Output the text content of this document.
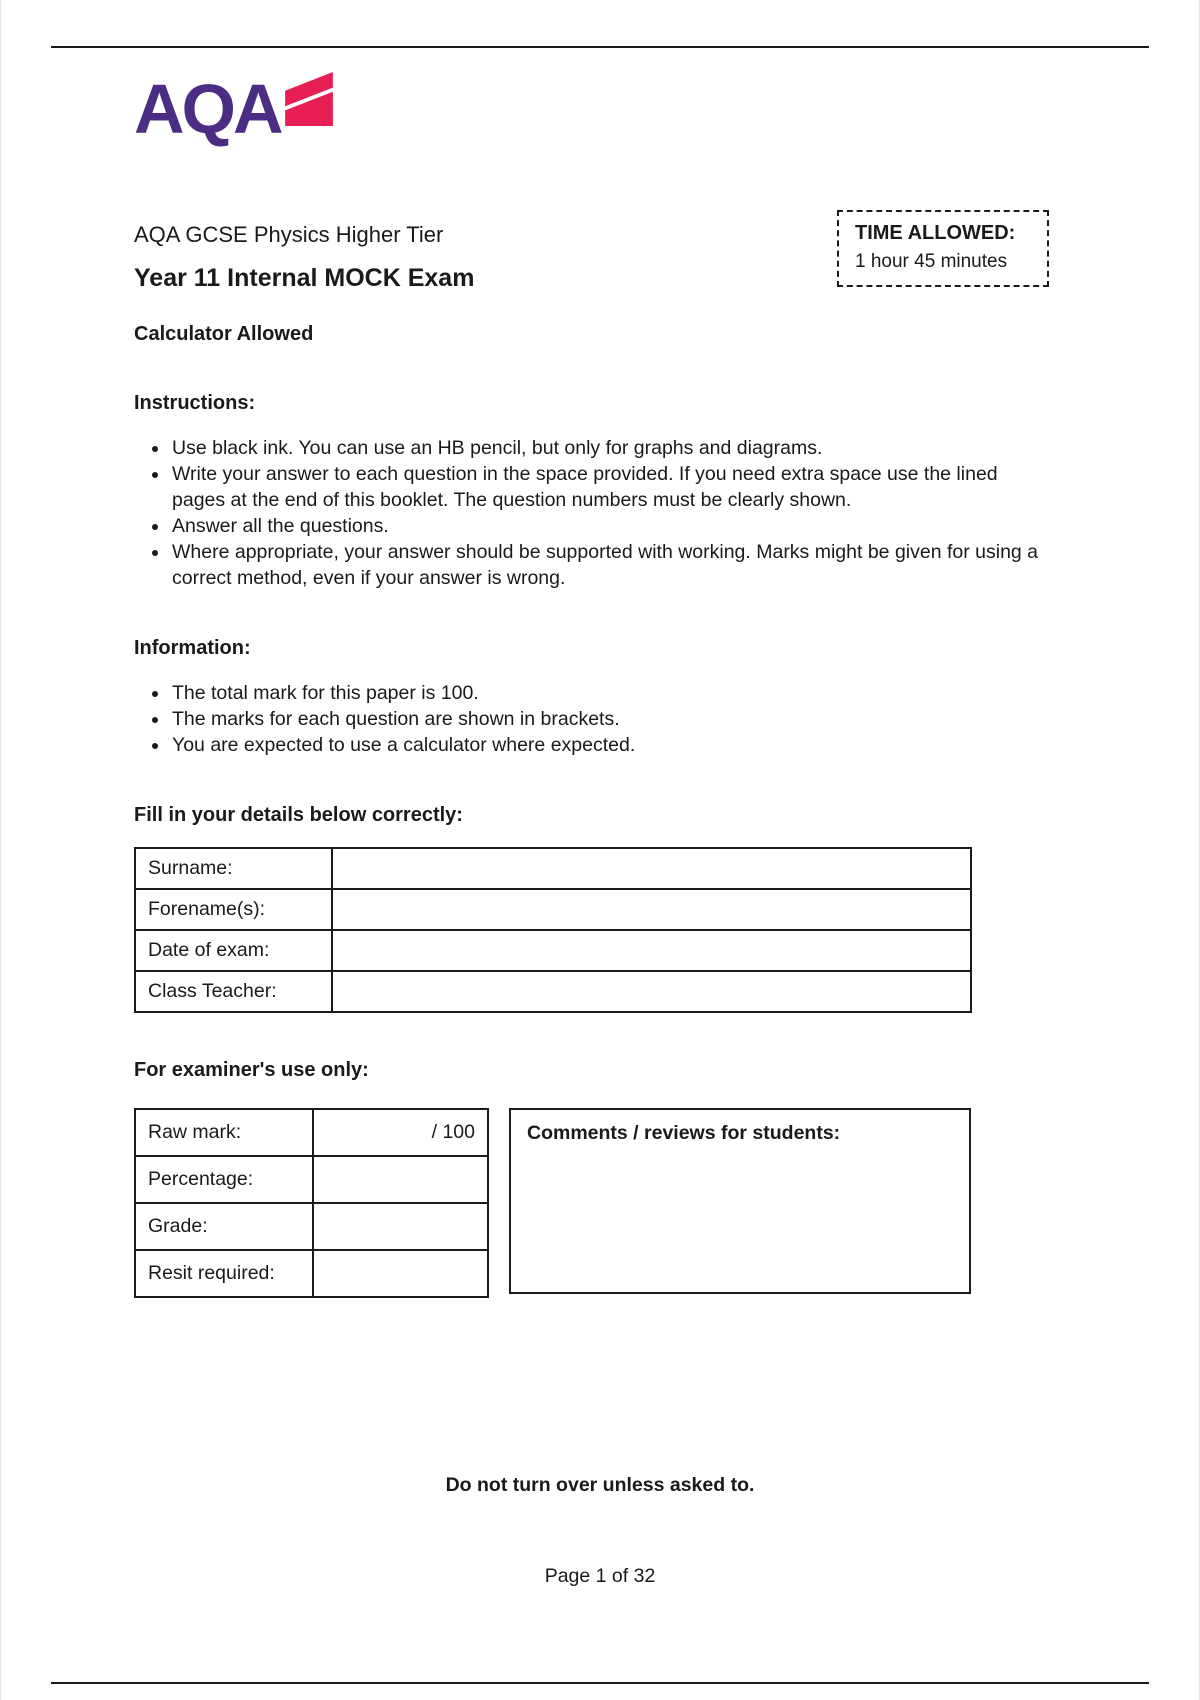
AQA
AQA GCSE Physics Higher Tier
Year 11 Internal MOCK Exam
TIME ALLOWED:
1 hour 45 minutes
Calculator Allowed
Instructions:
• Use black ink. You can use an HB pencil, but only for graphs and diagrams.
• Write your answer to each question in the space provided. If you need extra space use the lined pages at the end of this booklet. The question numbers must be clearly shown.
• Answer all the questions.
• Where appropriate, your answer should be supported with working. Marks might be given for using a correct method, even if your answer is wrong.
Information:
• The total mark for this paper is 100.
• The marks for each question are shown in brackets.
• You are expected to use a calculator where expected.
Fill in your details below correctly:
Surname:	
Forename(s):	
Date of exam:	
Class Teacher:	
For examiner's use only:
Raw mark:	/ 100
Percentage:	
Grade:	
Resit required:	
Comments / reviews for students:
Do not turn over unless asked to.
Page 1 of 32
